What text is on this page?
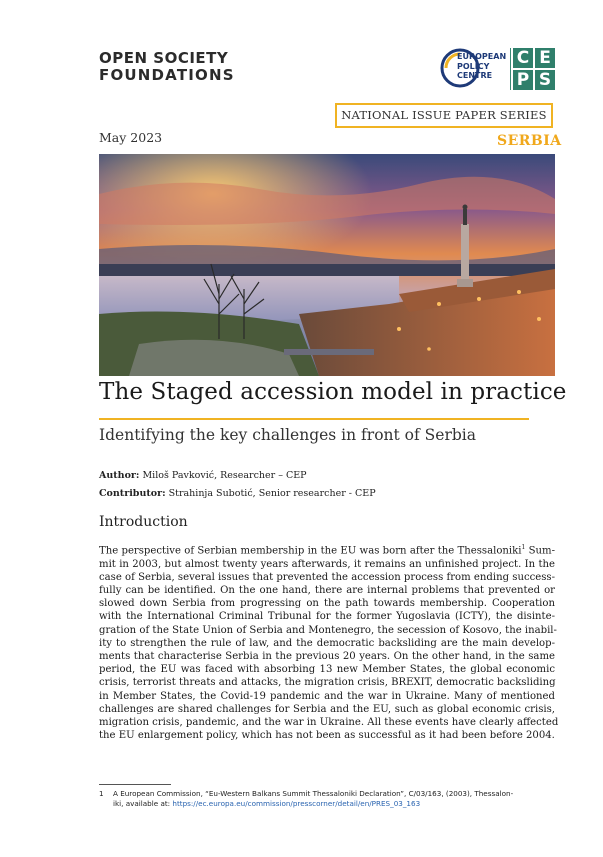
OPEN SOCIETY
FOUNDATIONS
EUROPEAN
POLICY
CENTRE
C E
P S
NATIONAL ISSUE PAPER SERIES
SERBIA
May 2023
The Staged accession model in practice
Identifying the key challenges in front of Serbia
Author: Miloš Pavković, Researcher – CEP
Contributor: Strahinja Subotić, Senior researcher - CEP
Introduction
The perspective of Serbian membership in the EU was born after the Thessaloniki$^1$ Sum-
mit in 2003, but almost twenty years afterwards, it remains an unfinished project. In the
case of Serbia, several issues that prevented the accession process from ending success-
fully can be identified. On the one hand, there are internal problems that prevented or
slowed down Serbia from progressing on the path towards membership. Cooperation
with the International Criminal Tribunal for the former Yugoslavia (ICTY), the disinte-
gration of the State Union of Serbia and Montenegro, the secession of Kosovo, the inabil-
ity to strengthen the rule of law, and the democratic backsliding are the main develop-
ments that characterise Serbia in the previous 20 years. On the other hand, in the same
period, the EU was faced with absorbing 13 new Member States, the global economic
crisis, terrorist threats and attacks, the migration crisis, BREXIT, democratic backsliding
in Member States, the Covid-19 pandemic and the war in Ukraine. Many of mentioned
challenges are shared challenges for Serbia and the EU, such as global economic crisis,
migration crisis, pandemic, and the war in Ukraine. All these events have clearly affected
the EU enlargement policy, which has not been as successful as it had been before 2004.
1 A European Commission, “Eu-Western Balkans Summit Thessaloniki Declaration”, C/03/163, (2003), Thessalon-
iki, available at: https://ec.europa.eu/commission/presscorner/detail/en/PRES_03_163
